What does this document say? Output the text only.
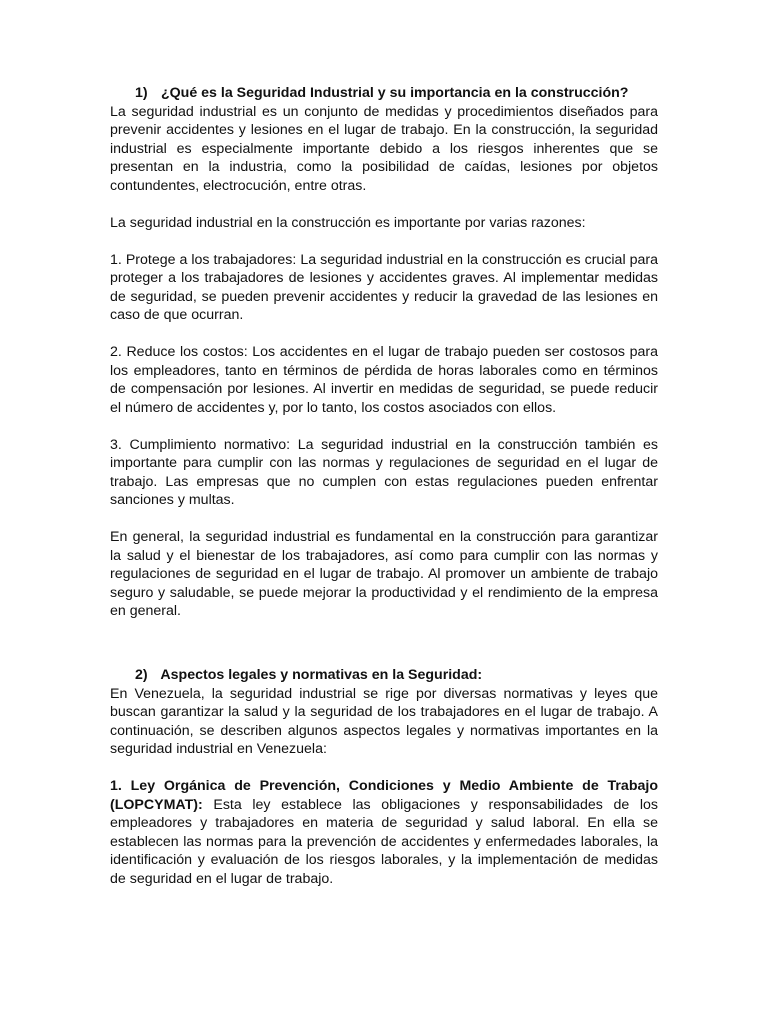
1) ¿Qué es la Seguridad Industrial y su importancia en la construcción?

La seguridad industrial es un conjunto de medidas y procedimientos diseñados para prevenir accidentes y lesiones en el lugar de trabajo. En la construcción, la seguridad industrial es especialmente importante debido a los riesgos inherentes que se presentan en la industria, como la posibilidad de caídas, lesiones por objetos contundentes, electrocución, entre otras.

La seguridad industrial en la construcción es importante por varias razones:

1. Protege a los trabajadores: La seguridad industrial en la construcción es crucial para proteger a los trabajadores de lesiones y accidentes graves. Al implementar medidas de seguridad, se pueden prevenir accidentes y reducir la gravedad de las lesiones en caso de que ocurran.

2. Reduce los costos: Los accidentes en el lugar de trabajo pueden ser costosos para los empleadores, tanto en términos de pérdida de horas laborales como en términos de compensación por lesiones. Al invertir en medidas de seguridad, se puede reducir el número de accidentes y, por lo tanto, los costos asociados con ellos.

3. Cumplimiento normativo: La seguridad industrial en la construcción también es importante para cumplir con las normas y regulaciones de seguridad en el lugar de trabajo. Las empresas que no cumplen con estas regulaciones pueden enfrentar sanciones y multas.

En general, la seguridad industrial es fundamental en la construcción para garantizar la salud y el bienestar de los trabajadores, así como para cumplir con las normas y regulaciones de seguridad en el lugar de trabajo. Al promover un ambiente de trabajo seguro y saludable, se puede mejorar la productividad y el rendimiento de la empresa en general.

2) Aspectos legales y normativas en la Seguridad:

En Venezuela, la seguridad industrial se rige por diversas normativas y leyes que buscan garantizar la salud y la seguridad de los trabajadores en el lugar de trabajo. A continuación, se describen algunos aspectos legales y normativas importantes en la seguridad industrial en Venezuela:

1. Ley Orgánica de Prevención, Condiciones y Medio Ambiente de Trabajo (LOPCYMAT): Esta ley establece las obligaciones y responsabilidades de los empleadores y trabajadores en materia de seguridad y salud laboral. En ella se establecen las normas para la prevención de accidentes y enfermedades laborales, la identificación y evaluación de los riesgos laborales, y la implementación de medidas de seguridad en el lugar de trabajo.
